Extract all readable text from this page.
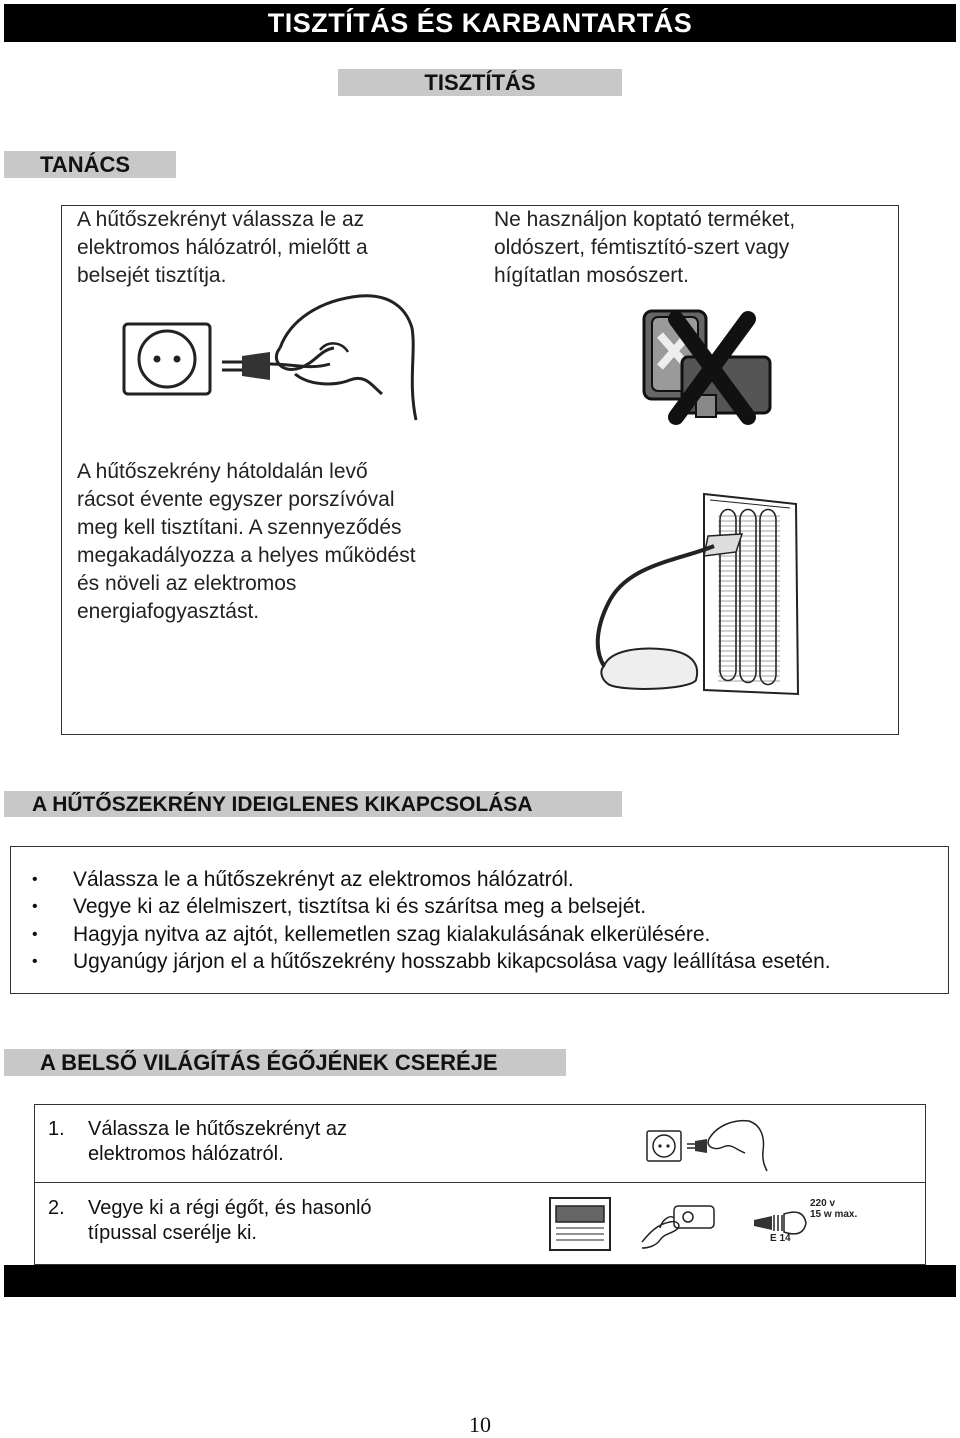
TISZTÍTÁS ÉS KARBANTARTÁS
TISZTÍTÁS
TANÁCS
A hűtőszekrényt válassza le az
elektromos hálózatról, mielőtt a
belsejét tisztítja.
Ne használjon koptató terméket,
oldószert, fémtisztító-szert vagy
hígítatlan mosószert.
A hűtőszekrény hátoldalán levő
rácsot évente egyszer porszívóval
meg kell tisztítani. A szennyeződés
megakadályozza a helyes működést
és növeli az elektromos
energiafogyasztást.
A HŰTŐSZEKRÉNY IDEIGLENES KIKAPCSOLÁSA
• Válassza le a hűtőszekrényt az elektromos hálózatról.
• Vegye ki az élelmiszert, tisztítsa ki és szárítsa meg a belsejét.
• Hagyja nyitva az ajtót, kellemetlen szag kialakulásának elkerülésére.
• Ugyanúgy járjon el a hűtőszekrény hosszabb kikapcsolása vagy leállítása esetén.
A BELSŐ VILÁGÍTÁS ÉGŐJÉNEK CSERÉJE
1. Válassza le hűtőszekrényt az
elektromos hálózatról.
2. Vegye ki a régi égőt, és hasonló
típussal cserélje ki.
220 v
15 w max.
E 14
10
